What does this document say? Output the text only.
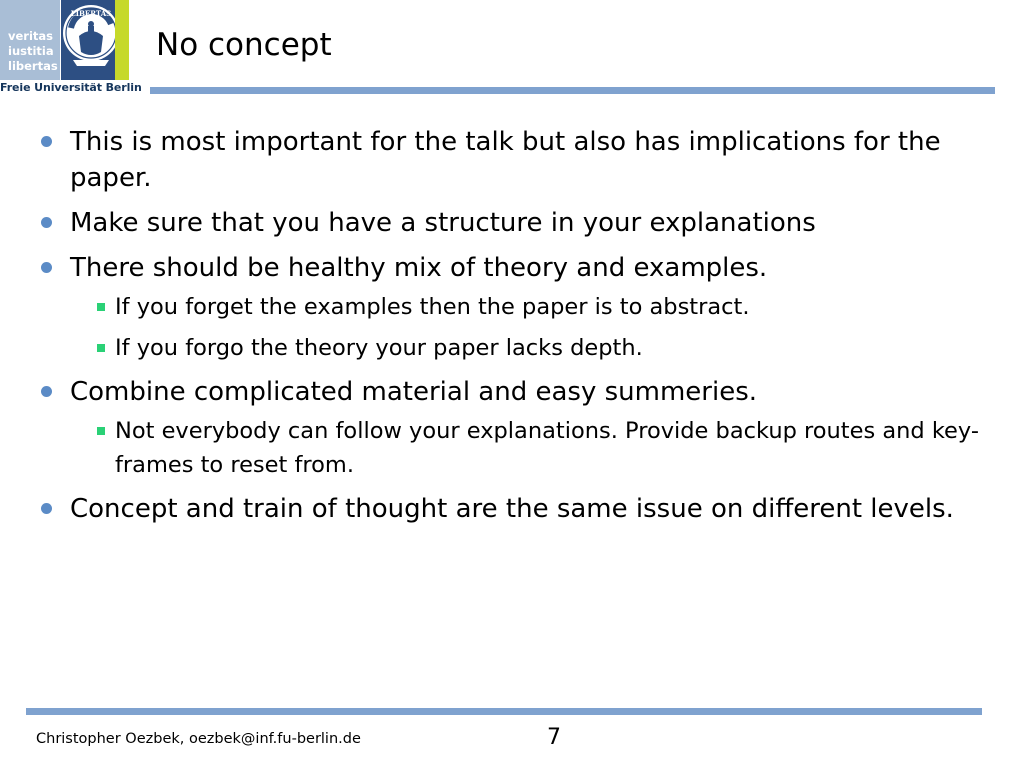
veritas
iustitia
libertas
LIBERTAS
Freie Universität Berlin
No concept
This is most important for the talk but also has implications for the paper.
Make sure that you have a structure in your explanations
There should be healthy mix of theory and examples.
If you forget the examples then the paper is to abstract.
If you forgo the theory your paper lacks depth.
Combine complicated material and easy summeries.
Not everybody can follow your explanations. Provide backup routes and key-frames to reset from.
Concept and train of thought are the same issue on different levels.
Christopher Oezbek, oezbek@inf.fu-berlin.de	7
